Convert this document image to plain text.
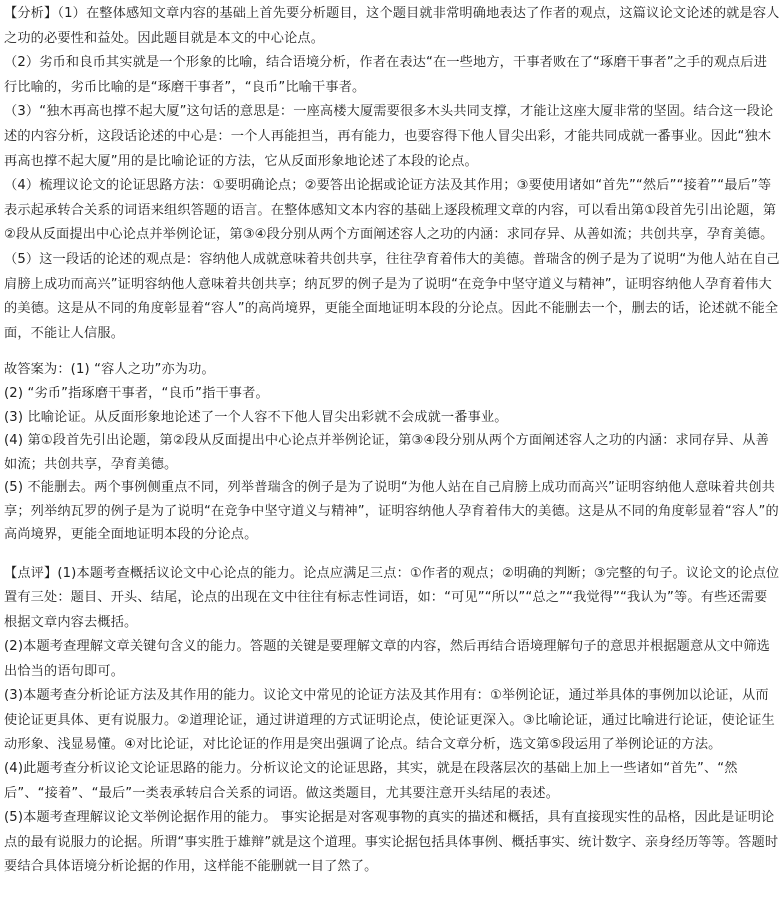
【分析】（1）在整体感知文章内容的基础上首先要分析题目，这个题目就非常明确地表达了作者的观点，这篇议论文论述的就是容人之功的必要性和益处。因此题目就是本文的中心论点。

（2）劣币和良币其实就是一个形象的比喻，结合语境分析，作者在表达“在一些地方，干事者败在了“琢磨干事者”之手的观点后进行比喻的，劣币比喻的是“琢磨干事者”，“良币”比喻干事者。

（3）“独木再高也撑不起大厦”这句话的意思是：一座高楼大厦需要很多木头共同支撑，才能让这座大厦非常的坚固。结合这一段论述的内容分析，这段话论述的中心是：一个人再能担当，再有能力，也要容得下他人冒尖出彩，才能共同成就一番事业。因此“独木再高也撑不起大厦”用的是比喻论证的方法，它从反面形象地论述了本段的论点。

（4）梳理议论文的论证思路方法：①要明确论点；②要答出论据或论证方法及其作用；③要使用诸如“首先”“然后”“接着”“最后”等表示起承转合关系的词语来组织答题的语言。在整体感知文本内容的基础上逐段梳理文章的内容，可以看出第①段首先引出论题，第②段从反面提出中心论点并举例论证，第③④段分别从两个方面阐述容人之功的内涵：求同存异、从善如流；共创共享，孕育美德。

（5）这一段话的论述的观点是：容纳他人成就意味着共创共享，往往孕育着伟大的美德。普瑞含的例子是为了说明“为他人站在自己肩膀上成功而高兴”证明容纳他人意味着共创共享；纳瓦罗的例子是为了说明“在竞争中坚守道义与精神”，证明容纳他人孕育着伟大的美德。这是从不同的角度彰显着“容人”的高尚境界，更能全面地证明本段的分论点。因此不能删去一个，删去的话，论述就不能全面，不能让人信服。

故答案为：(1) “容人之功”亦为功。

(2) “劣币”指琢磨干事者，“良币”指干事者。

(3) 比喻论证。从反面形象地论述了一个人容不下他人冒尖出彩就不会成就一番事业。

(4) 第①段首先引出论题，第②段从反面提出中心论点并举例论证，第③④段分别从两个方面阐述容人之功的内涵：求同存异、从善如流；共创共享，孕育美德。

(5) 不能删去。两个事例侧重点不同，列举普瑞含的例子是为了说明“为他人站在自己肩膀上成功而高兴”证明容纳他人意味着共创共享；列举纳瓦罗的例子是为了说明“在竞争中坚守道义与精神”，证明容纳他人孕育着伟大的美德。这是从不同的角度彰显着“容人”的高尚境界，更能全面地证明本段的分论点。

【点评】(1)本题考查概括议论文中心论点的能力。论点应满足三点：①作者的观点；②明确的判断；③完整的句子。议论文的论点位置有三处：题目、开头、结尾，论点的出现在文中往往有标志性词语，如：“可见”“所以”“总之”“我觉得”“我认为”等。有些还需要根据文章内容去概括。

(2)本题考查理解文章关键句含义的能力。答题的关键是要理解文章的内容，然后再结合语境理解句子的意思并根据题意从文中筛选出恰当的语句即可。

(3)本题考查分析论证方法及其作用的能力。议论文中常见的论证方法及其作用有：①举例论证，通过举具体的事例加以论证，从而使论证更具体、更有说服力。②道理论证，通过讲道理的方式证明论点，使论证更深入。③比喻论证，通过比喻进行论证，使论证生动形象、浅显易懂。④对比论证，对比论证的作用是突出强调了论点。结合文章分析，选文第⑤段运用了举例论证的方法。

(4)此题考查分析议论文论证思路的能力。分析议论文的论证思路，其实，就是在段落层次的基础上加上一些诸如“首先”、“然后”、“接着”、“最后”一类表承转启合关系的词语。做这类题目，尤其要注意开头结尾的表述。

(5)本题考查理解议论文举例论据作用的能力。 事实论据是对客观事物的真实的描述和概括，具有直接现实性的品格，因此是证明论点的最有说服力的论据。所谓“事实胜于雄辩”就是这个道理。事实论据包括具体事例、概括事实、统计数字、亲身经历等等。答题时要结合具体语境分析论据的作用，这样能不能删就一目了然了。
